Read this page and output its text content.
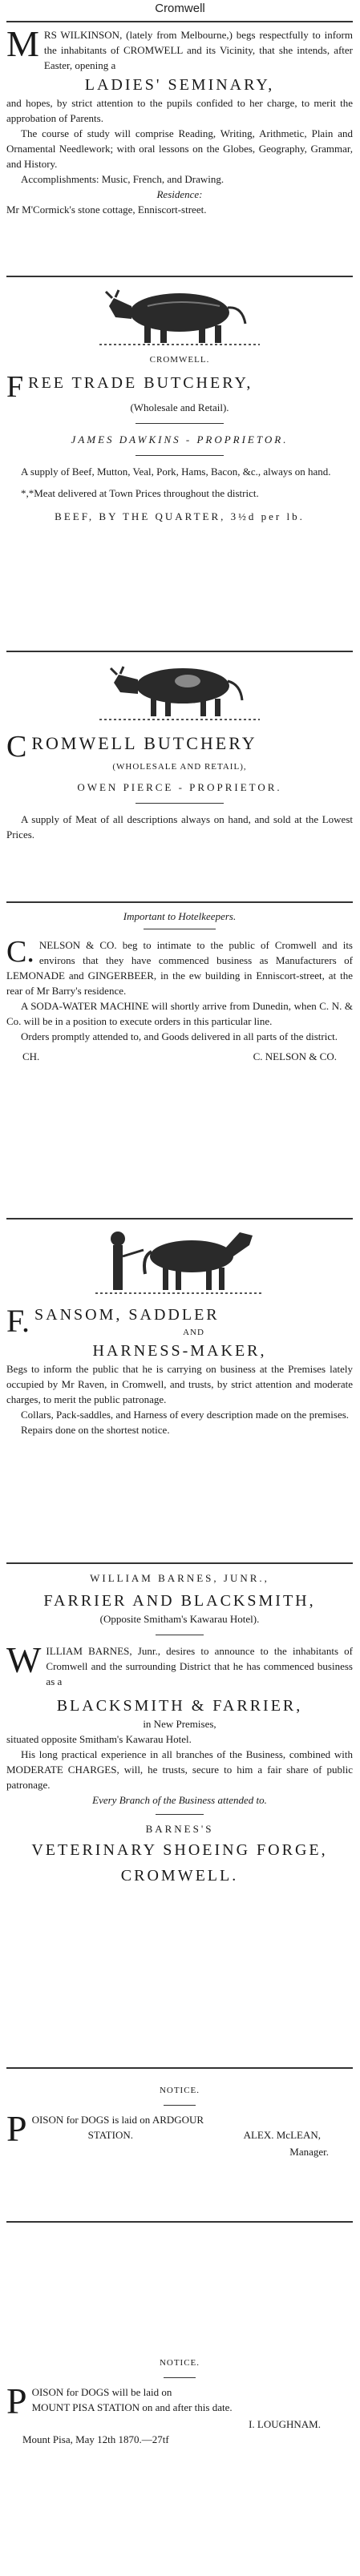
Cromwell

MRS WILKINSON, (lately from Melbourne,) begs respectfully to inform the inhabitants of CROMWELL and its Vicinity, that she intends, after Easter, opening a

LADIES' SEMINARY,

and hopes, by strict attention to the pupils confided to her charge, to merit the approbation of Parents.

The course of study will comprise Reading, Writing, Arithmetic, Plain and Ornamental Needlework; with oral lessons on the Globes, Geography, Grammar, and History.

Accomplishments: Music, French, and Drawing.

Residence:

Mr M'Cormick's stone cottage, Enniscort-street.

CROMWELL.

FREE TRADE BUTCHERY,

(Wholesale and Retail).

JAMES DAWKINS - PROPRIETOR.

A supply of Beef, Mutton, Veal, Pork, Hams, Bacon, &c., always on hand.

*,*Meat delivered at Town Prices throughout the district.

BEEF, BY THE QUARTER, 3½d per lb.

CROMWELL BUTCHERY

(WHOLESALE AND RETAIL),

OWEN PIERCE - PROPRIETOR.

A supply of Meat of all descriptions always on hand, and sold at the Lowest Prices.

Important to Hotelkeepers.

C. NELSON & CO. beg to intimate to the public of Cromwell and its environs that they have commenced business as Manufacturers of LEMONADE and GINGERBEER, in the ew building in Enniscort-street, at the rear of Mr Barry's residence.

A SODA-WATER MACHINE will shortly arrive from Dunedin, when C. N. & Co. will be in a position to execute orders in this particular line.

Orders promptly attended to, and Goods delivered in all parts of the district.

CH.	C. NELSON & CO.

F. SANSOM, SADDLER

AND

HARNESS-MAKER,

Begs to inform the public that he is carrying on business at the Premises lately occupied by Mr Raven, in Cromwell, and trusts, by strict attention and moderate charges, to merit the public patronage.

Collars, Pack-saddles, and Harness of every description made on the premises.

Repairs done on the shortest notice.

WILLIAM BARNES, JUNR.,

FARRIER AND BLACKSMITH,

(Opposite Smitham's Kawarau Hotel).

WILLIAM BARNES, Junr., desires to announce to the inhabitants of Cromwell and the surrounding District that he has commenced business as a

BLACKSMITH & FARRIER,

in New Premises,

situated opposite Smitham's Kawarau Hotel.

His long practical experience in all branches of the Business, combined with MODERATE CHARGES, will, he trusts, secure to him a fair share of public patronage.

Every Branch of the Business attended to.

BARNES'S

VETERINARY SHOEING FORGE,

CROMWELL.

NOTICE.

POISON for DOGS is laid on ARDGOUR

STATION.	ALEX. McLEAN,

Manager.

NOTICE.

POISON for DOGS will be laid on

MOUNT PISA STATION on and after this date.

I. LOUGHNAM.

Mount Pisa, May 12th 1870.—27tf
